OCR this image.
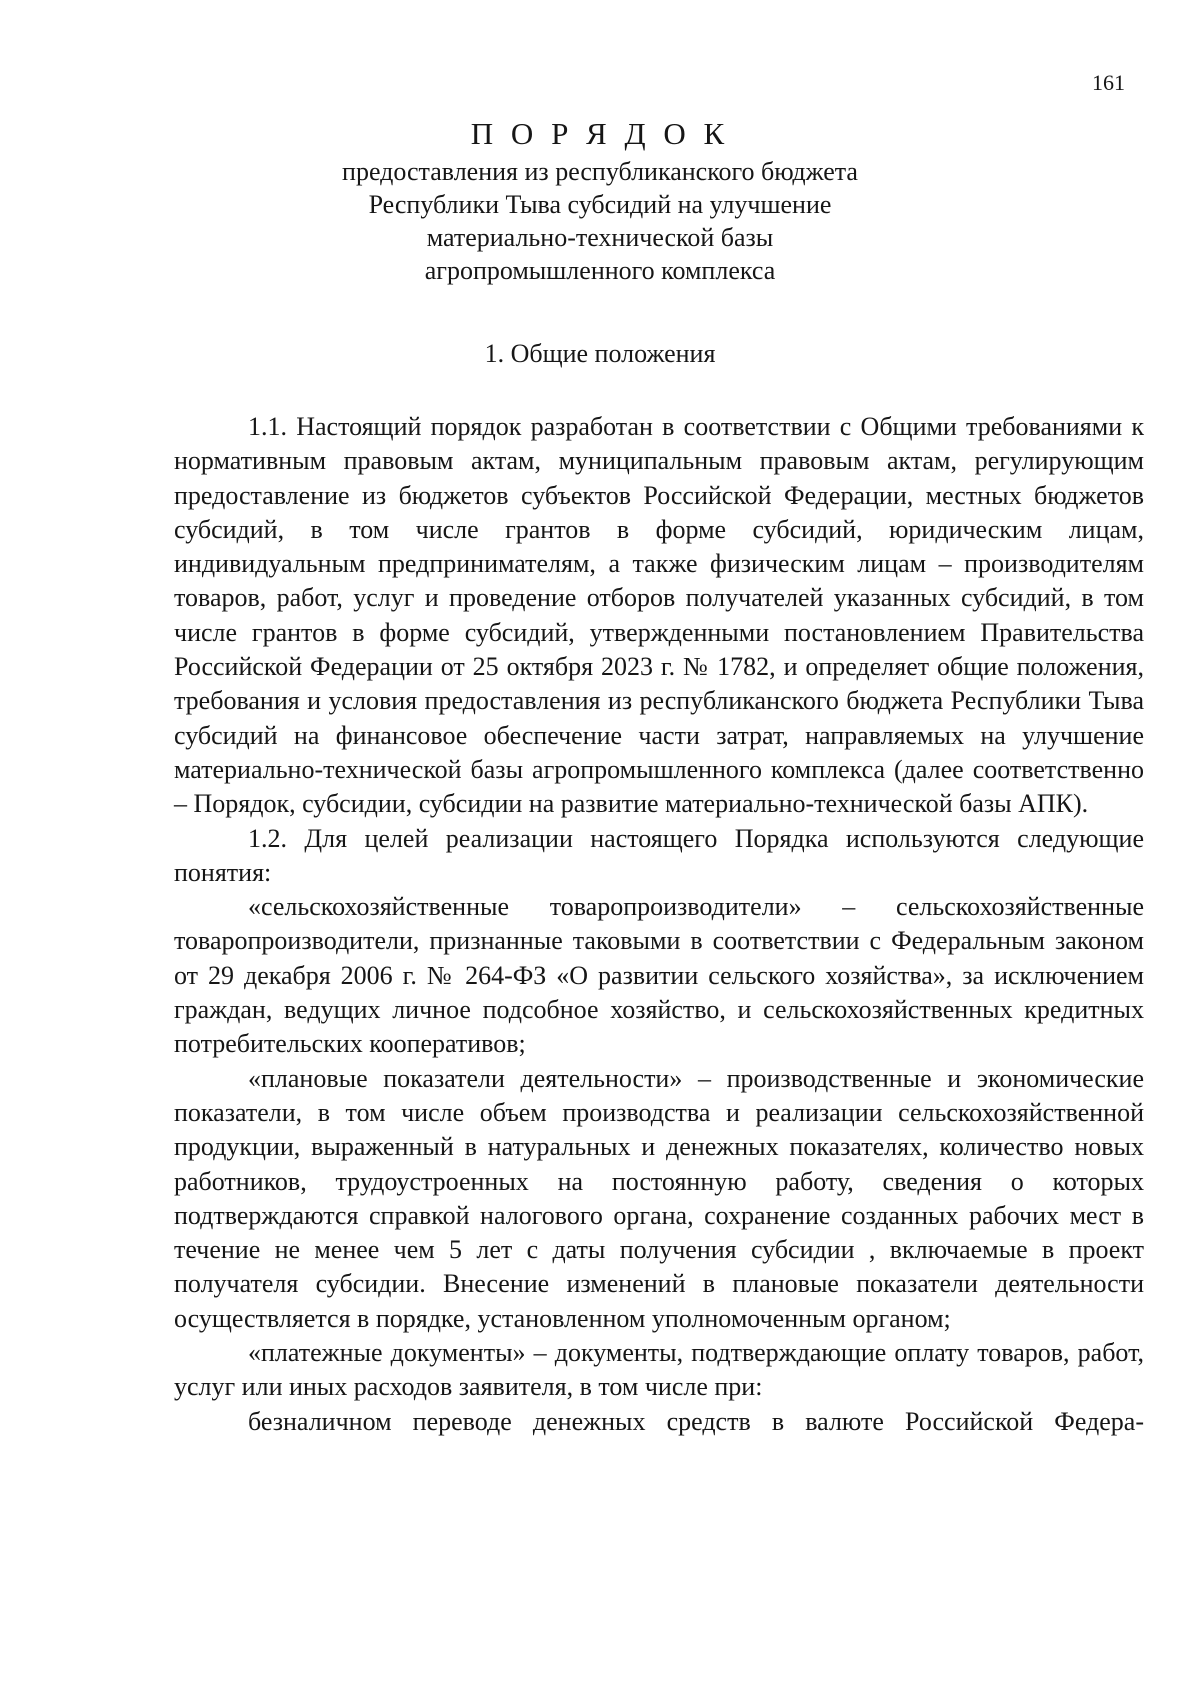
161
П О Р Я Д О К
предоставления из республиканского бюджета
Республики Тыва субсидий на улучшение
материально-технической базы
агропромышленного комплекса
1. Общие положения

1.1. Настоящий порядок разработан в соответствии с Общими требованиями к нормативным правовым актам, муниципальным правовым актам, регулирующим предоставление из бюджетов субъектов Российской Федерации, местных бюджетов субсидий, в том числе грантов в форме субсидий, юридическим лицам, индивидуальным предпринимателям, а также физическим лицам – производителям товаров, работ, услуг и проведение отборов получателей указанных субсидий, в том числе грантов в форме субсидий, утвержденными постановлением Правительства Российской Федерации от 25 октября 2023 г. № 1782, и определяет общие положения, требования и условия предоставления из республиканского бюджета Республики Тыва субсидий на финансовое обеспечение части затрат, направляемых на улучшение материально-технической базы агропромышленного комплекса (далее соответственно – Порядок, субсидии, субсидии на развитие материально-технической базы АПК).

1.2. Для целей реализации настоящего Порядка используются следующие понятия:

«сельскохозяйственные товаропроизводители» – сельскохозяйственные товаропроизводители, признанные таковыми в соответствии с Федеральным законом от 29 декабря 2006 г. № 264-ФЗ «О развитии сельского хозяйства», за исключением граждан, ведущих личное подсобное хозяйство, и сельскохозяйственных кредитных потребительских кооперативов;

«плановые показатели деятельности» – производственные и экономические показатели, в том числе объем производства и реализации сельскохозяйственной продукции, выраженный в натуральных и денежных показателях, количество новых работников, трудоустроенных на постоянную работу, сведения о которых подтверждаются справкой налогового органа, сохранение созданных рабочих мест в течение не менее чем 5 лет с даты получения субсидии , включаемые в проект получателя субсидии. Внесение изменений в плановые показатели деятельности осуществляется в порядке, установленном уполномоченным органом;

«платежные документы» – документы, подтверждающие оплату товаров, работ, услуг или иных расходов заявителя, в том числе при:

безналичном переводе денежных средств в валюте Российской Федера-
